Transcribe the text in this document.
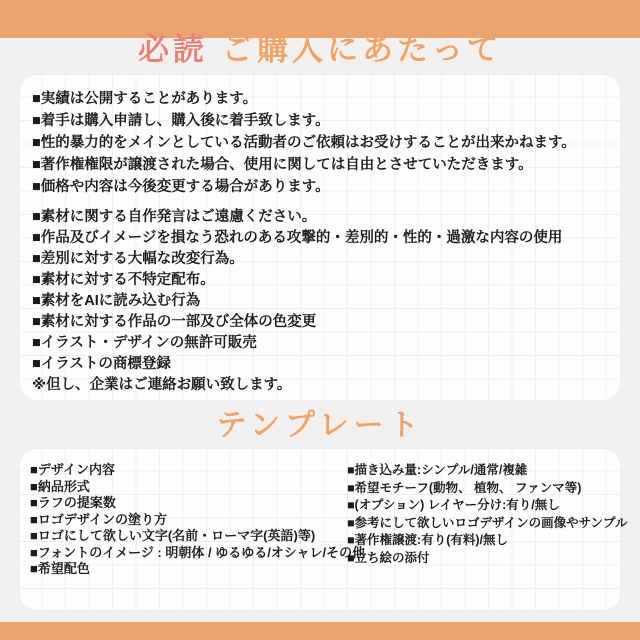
必読 ご購入にあたって
■実績は公開することがあります。
■着手は購入申請し、購入後に着手致します。
■性的暴力的をメインとしている活動者のご依頼はお受けすることが出来かねます。
■著作権権限が譲渡された場合、使用に関しては自由とさせていただきます。
■価格や内容は今後変更する場合があります。
■素材に関する自作発言はご遠慮ください。
■作品及びイメージを損なう恐れのある攻撃的・差別的・性的・過激な内容の使用
■差別に対する大幅な改変行為。
■素材に対する不特定配布。
■素材をAIに読み込む行為
■素材に対する作品の一部及び全体の色変更
■イラスト・デザインの無許可販売
■イラストの商標登録
※但し、企業はご連絡お願い致します。
テンプレート
■デザイン内容
■納品形式
■ラフの提案数
■ロゴデザインの塗り方
■ロゴにして欲しい文字(名前・ローマ字(英語)等)
■フォントのイメージ : 明朝体 / ゆるゆる/オシャレ/その他
■希望配色
■描き込み量:シンプル/通常/複雑
■希望モチーフ(動物、 植物、 ファンマ等)
■(オプション) レイヤー分け:有り/無し
■参考にして欲しいロゴデザインの画像やサンプル
■著作権譲渡:有り(有料)/無し
■立ち絵の添付
